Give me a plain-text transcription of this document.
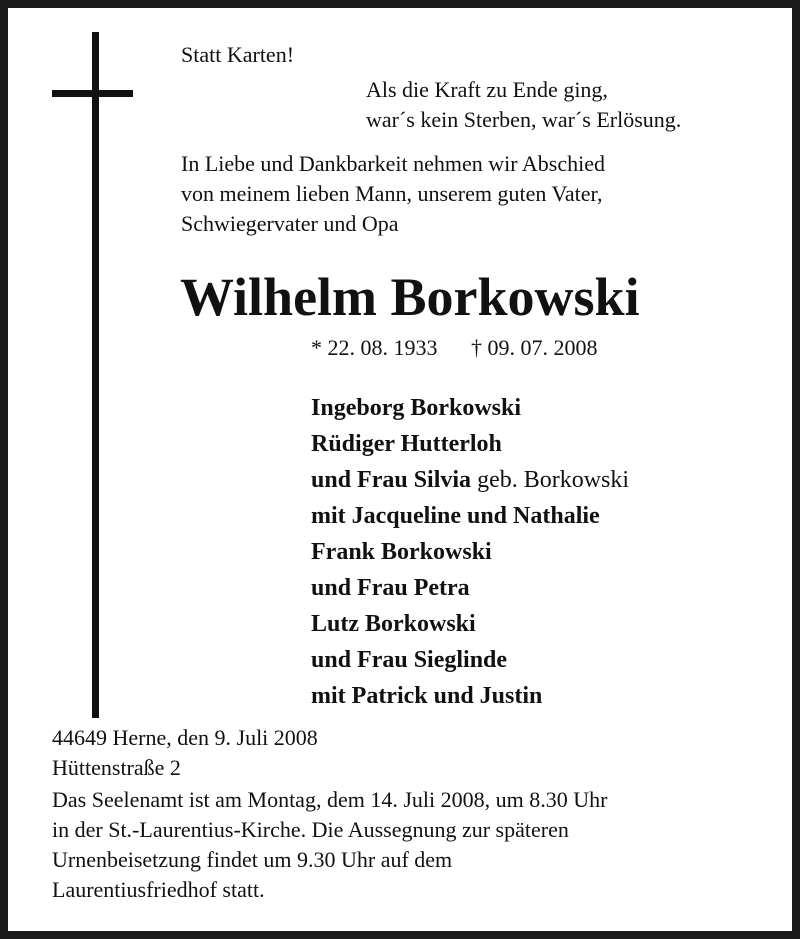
Statt Karten!
Als die Kraft zu Ende ging,
war´s kein Sterben, war´s Erlösung.
In Liebe und Dankbarkeit nehmen wir Abschied
von meinem lieben Mann, unserem guten Vater,
Schwiegervater und Opa
Wilhelm Borkowski
* 22. 08. 1933 † 09. 07. 2008
Ingeborg Borkowski
Rüdiger Hutterloh
und Frau Silvia geb. Borkowski
mit Jacqueline und Nathalie
Frank Borkowski
und Frau Petra
Lutz Borkowski
und Frau Sieglinde
mit Patrick und Justin
44649 Herne, den 9. Juli 2008
Hüttenstraße 2
Das Seelenamt ist am Montag, dem 14. Juli 2008, um 8.30 Uhr
in der St.-Laurentius-Kirche. Die Aussegnung zur späteren
Urnenbeisetzung findet um 9.30 Uhr auf dem
Laurentiusfriedhof statt.
